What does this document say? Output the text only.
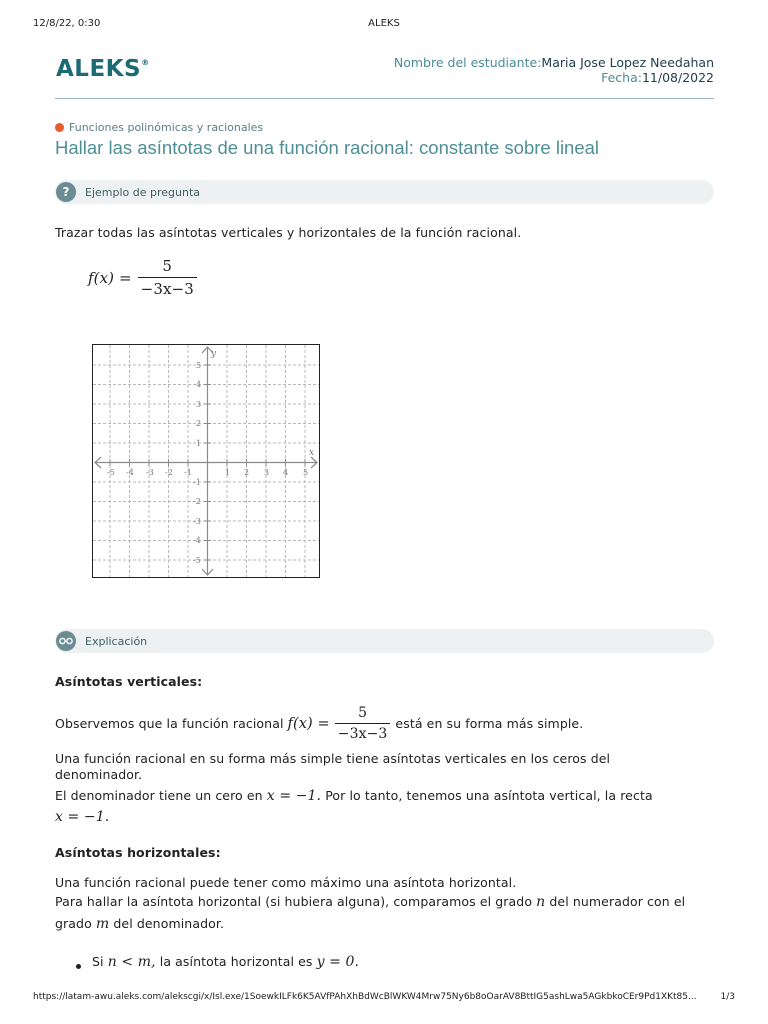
12/8/22, 0:30	ALEKS
ALEKS®	Nombre del estudiante:Maria Jose Lopez Needahan
Fecha:11/08/2022
Funciones polinómicas y racionales
Hallar las asíntotas de una función racional: constante sobre lineal
?	Ejemplo de pregunta
Trazar todas las asíntotas verticales y horizontales de la función racional.
$f(x) = \frac{5}{-3x-3}$
-5 -4 -3 -2 -1	1 2 3 4 5
5
4
3
2
1
-1
-2
-3
-4
-5
x
y
Explicación
Asíntotas verticales:
Observemos que la función racional $f(x) = \frac{5}{-3x-3}$ está en su forma más simple.
Una función racional en su forma más simple tiene asíntotas verticales en los ceros del
denominador.
El denominador tiene un cero en x = −1. Por lo tanto, tenemos una asíntota vertical, la recta
x = −1.
Asíntotas horizontales:
Una función racional puede tener como máximo una asíntota horizontal.
Para hallar la asíntota horizontal (si hubiera alguna), comparamos el grado n del numerador con el
grado m del denominador.
Si n < m, la asíntota horizontal es y = 0.
https://latam-awu.aleks.com/alekscgi/x/Isl.exe/1SoewkILFk6K5AVfPAhXhBdWcBlWKW4Mrw75Ny6b8oOarAV8BttIG5ashLwa5AGkbkoCEr9Pd1XKt85...	1/3
